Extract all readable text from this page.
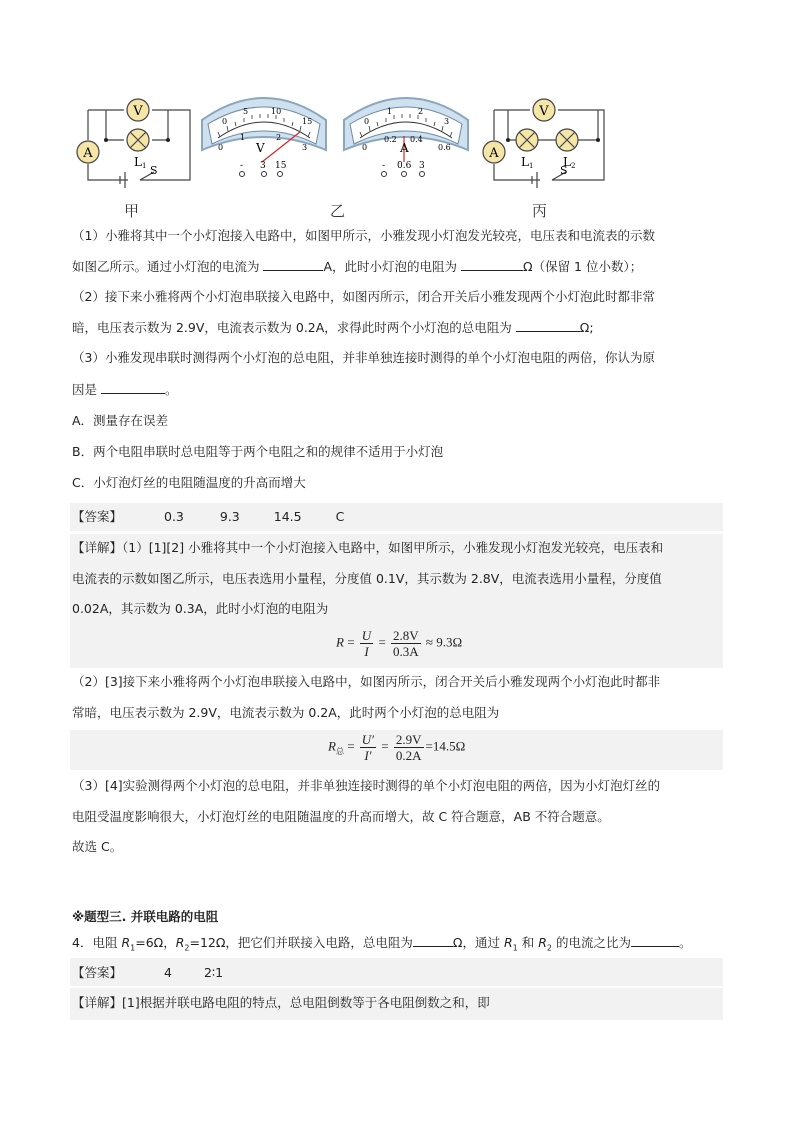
V
A
L 1 S
甲
0
5	10
15
0
1	2
3
V
- 3 15
0
1	2
3
0
0.2 0.4
0.6
A
- 0.6 3
乙
V
A
L 1 L 2
S
丙
（1）小雅将其中一个小灯泡接入电路中，如图甲所示，小雅发现小灯泡发光较亮，电压表和电流表的示数
如图乙所示。通过小灯泡的电流为	A，此时小灯泡的电阻为	Ω（保留 1 位小数）；
（2）接下来小雅将两个小灯泡串联接入电路中，如图丙所示，闭合开关后小雅发现两个小灯泡此时都非常
暗，电压表示数为 2.9V，电流表示数为 0.2A，求得此时两个小灯泡的总电阻为	Ω;
（3）小雅发现串联时测得两个小灯泡的总电阻，并非单独连接时测得的单个小灯泡电阻的两倍，你认为原
因是	。
A．测量存在误差
B．两个电阻串联时总电阻等于两个电阻之和的规律不适用于小灯泡
C．小灯泡灯丝的电阻随温度的升高而增大
【答案】	0.3	9.3	14.5	C
【详解】（1）[1][2] 小雅将其中一个小灯泡接入电路中，如图甲所示，小雅发现小灯泡发光较亮，电压表和
电流表的示数如图乙所示，电压表选用小量程，分度值 0.1V，其示数为 2.8V，电流表选用小量程，分度值
0.02A，其示数为 0.3A，此时小灯泡的电阻为
$R = \frac{U}{I} = \frac{2.8V}{0.3A} \approx 9.3\Omega$
（2）[3]接下来小雅将两个小灯泡串联接入电路中，如图丙所示，闭合开关后小雅发现两个小灯泡此时都非
常暗，电压表示数为 2.9V，电流表示数为 0.2A，此时两个小灯泡的总电阻为
$R_总 = \frac{U'}{I'} = \frac{2.9V}{0.2A} =14.5\Omega$
（3）[4]实验测得两个小灯泡的总电阻，并非单独连接时测得的单个小灯泡电阻的两倍，因为小灯泡灯丝的
电阻受温度影响很大，小灯泡灯丝的电阻随温度的升高而增大，故 C 符合题意，AB 不符合题意。
故选 C。
※题型三. 并联电路的电阻
4．电阻 $R_1=6\Omega$，$R_2=12\Omega$，把它们并联接入电路，总电阻为	Ω，通过 $R_1$ 和 $R_2$ 的电流之比为	。
【答案】	4	2∶1
【详解】[1]根据并联电路电阻的特点，总电阻倒数等于各电阻倒数之和，即
